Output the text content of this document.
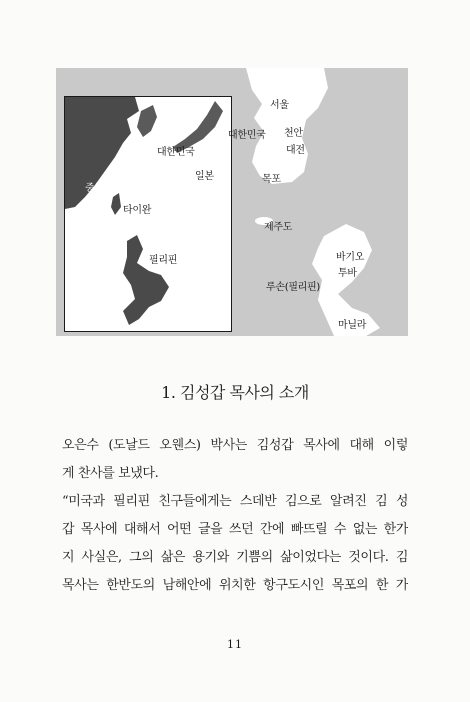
대한민국
일본
중국
타이완
필리핀
서울
대한민국 천안
대전
목포
제주도
바기오
투바
루손(필리핀)
마닐라
1. 김성갑 목사의 소개
오은수 (도날드 오웬스) 박사는 김성갑 목사에 대해 이렇
게 찬사를 보냈다.
“미국과 필리핀 친구들에게는 스데반 김으로 알려진 김 성
갑 목사에 대해서 어떤 글을 쓰던 간에 빠뜨릴 수 없는 한가
지 사실은, 그의 삶은 용기와 기쁨의 삶이었다는 것이다. 김
목사는 한반도의 남해안에 위치한 항구도시인 목포의 한 가
11
